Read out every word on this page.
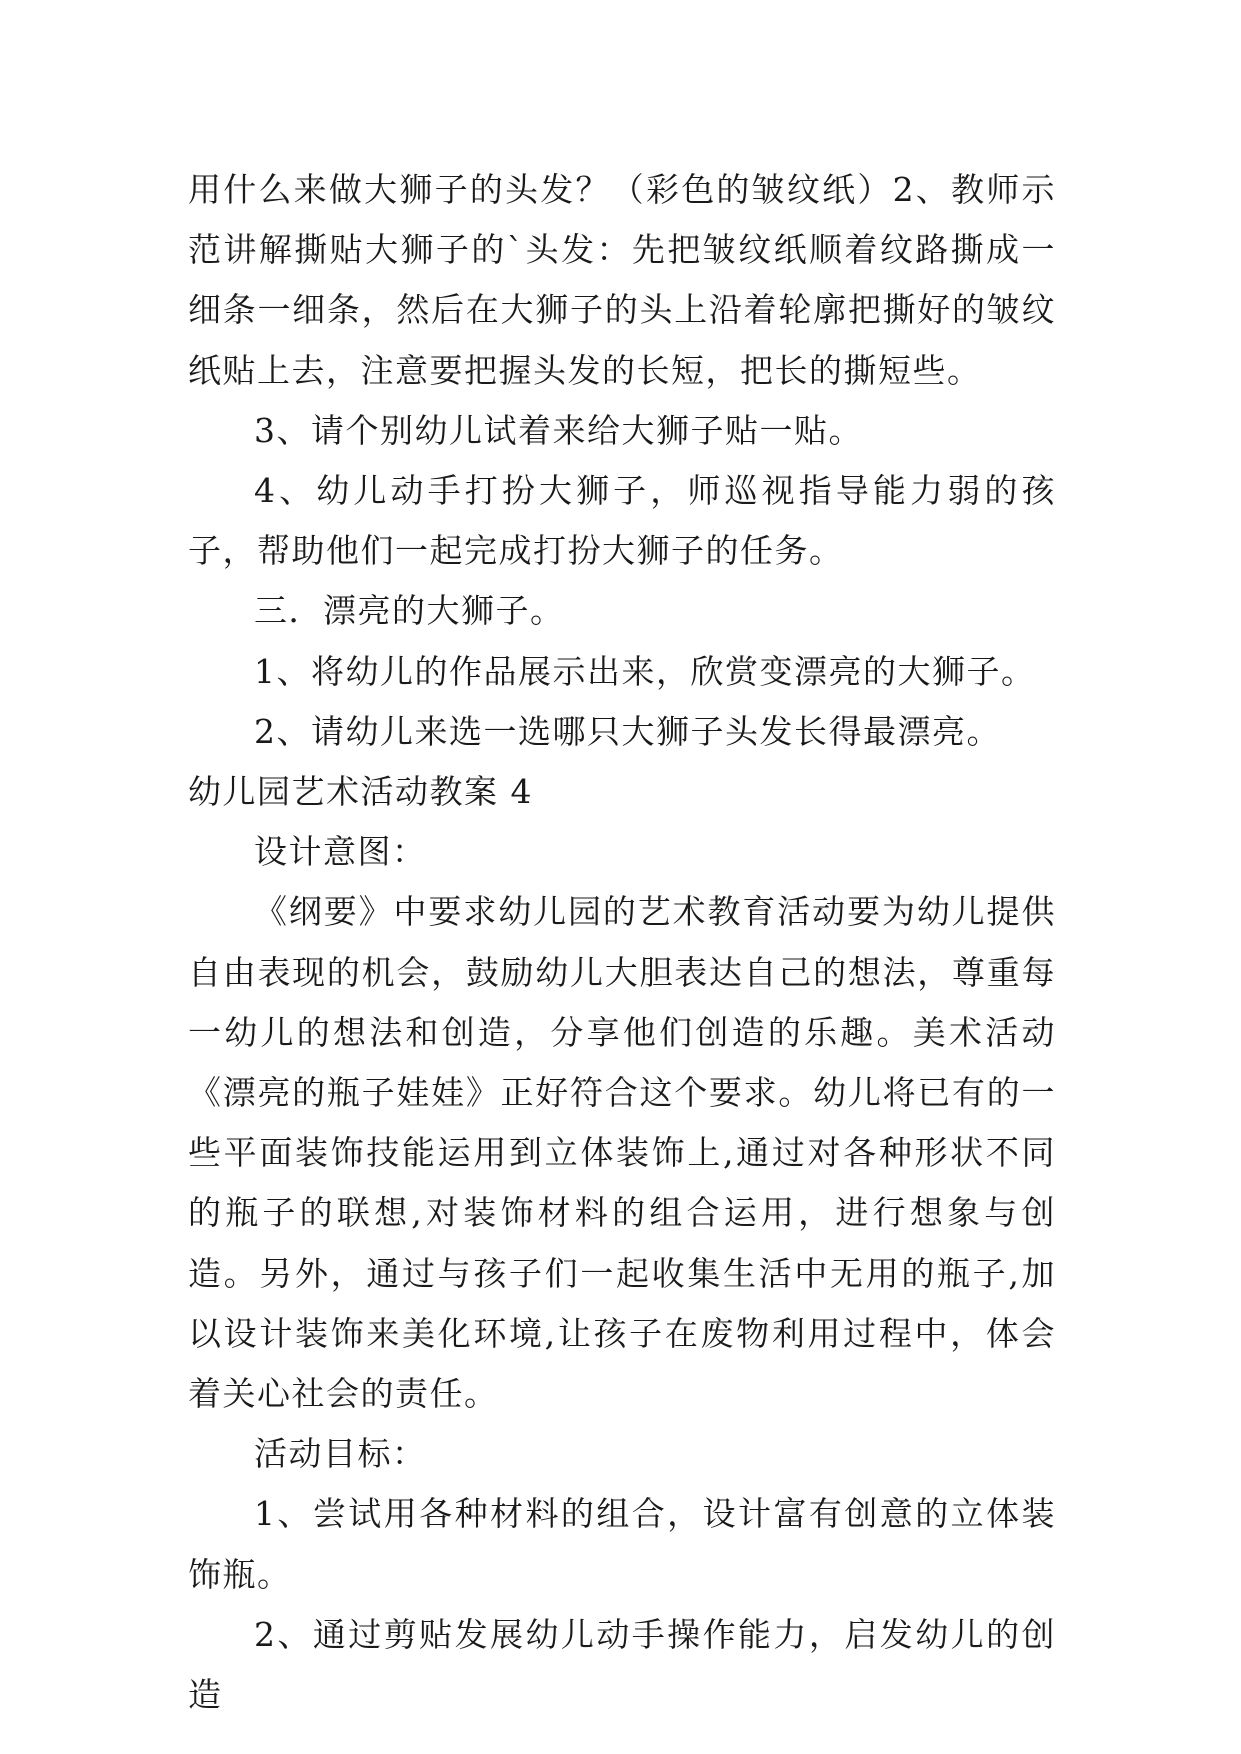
用什么来做大狮子的头发？（彩色的皱纹纸）2、教师示范讲解撕贴大狮子的`头发：先把皱纹纸顺着纹路撕成一细条一细条，然后在大狮子的头上沿着轮廓把撕好的皱纹纸贴上去，注意要把握头发的长短，把长的撕短些。

3、请个别幼儿试着来给大狮子贴一贴。

4、幼儿动手打扮大狮子，师巡视指导能力弱的孩子，帮助他们一起完成打扮大狮子的任务。

三．漂亮的大狮子。

1、将幼儿的作品展示出来，欣赏变漂亮的大狮子。

2、请幼儿来选一选哪只大狮子头发长得最漂亮。

幼儿园艺术活动教案 4

设计意图：

《纲要》中要求幼儿园的艺术教育活动要为幼儿提供自由表现的机会，鼓励幼儿大胆表达自己的想法，尊重每一幼儿的想法和创造，分享他们创造的乐趣。美术活动《漂亮的瓶子娃娃》正好符合这个要求。幼儿将已有的一些平面装饰技能运用到立体装饰上,通过对各种形状不同的瓶子的联想,对装饰材料的组合运用，进行想象与创造。另外，通过与孩子们一起收集生活中无用的瓶子,加以设计装饰来美化环境,让孩子在废物利用过程中，体会着关心社会的责任。

活动目标：

1、尝试用各种材料的组合，设计富有创意的立体装饰瓶。

2、通过剪贴发展幼儿动手操作能力，启发幼儿的创造
